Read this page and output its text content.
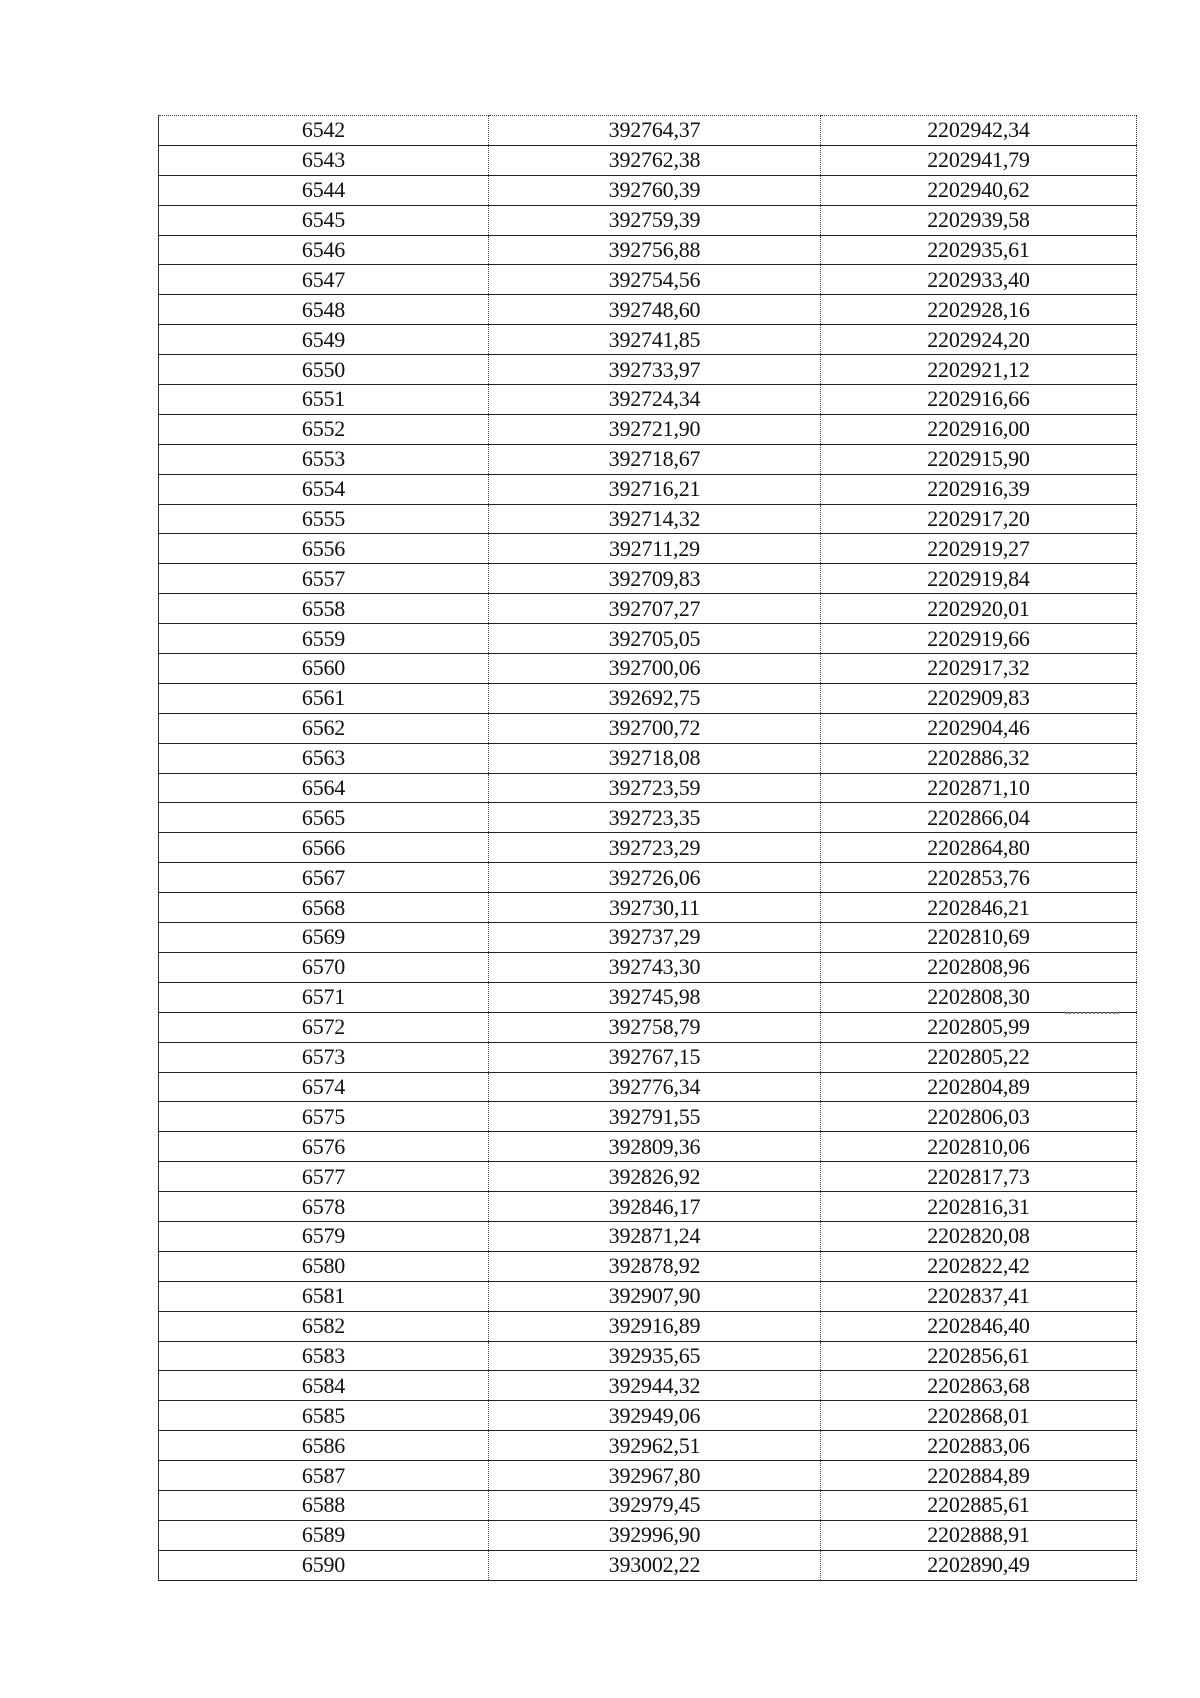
6542	392764,37	2202942,34
6543	392762,38	2202941,79
6544	392760,39	2202940,62
6545	392759,39	2202939,58
6546	392756,88	2202935,61
6547	392754,56	2202933,40
6548	392748,60	2202928,16
6549	392741,85	2202924,20
6550	392733,97	2202921,12
6551	392724,34	2202916,66
6552	392721,90	2202916,00
6553	392718,67	2202915,90
6554	392716,21	2202916,39
6555	392714,32	2202917,20
6556	392711,29	2202919,27
6557	392709,83	2202919,84
6558	392707,27	2202920,01
6559	392705,05	2202919,66
6560	392700,06	2202917,32
6561	392692,75	2202909,83
6562	392700,72	2202904,46
6563	392718,08	2202886,32
6564	392723,59	2202871,10
6565	392723,35	2202866,04
6566	392723,29	2202864,80
6567	392726,06	2202853,76
6568	392730,11	2202846,21
6569	392737,29	2202810,69
6570	392743,30	2202808,96
6571	392745,98	2202808,30
6572	392758,79	2202805,99
6573	392767,15	2202805,22
6574	392776,34	2202804,89
6575	392791,55	2202806,03
6576	392809,36	2202810,06
6577	392826,92	2202817,73
6578	392846,17	2202816,31
6579	392871,24	2202820,08
6580	392878,92	2202822,42
6581	392907,90	2202837,41
6582	392916,89	2202846,40
6583	392935,65	2202856,61
6584	392944,32	2202863,68
6585	392949,06	2202868,01
6586	392962,51	2202883,06
6587	392967,80	2202884,89
6588	392979,45	2202885,61
6589	392996,90	2202888,91
6590	393002,22	2202890,49
